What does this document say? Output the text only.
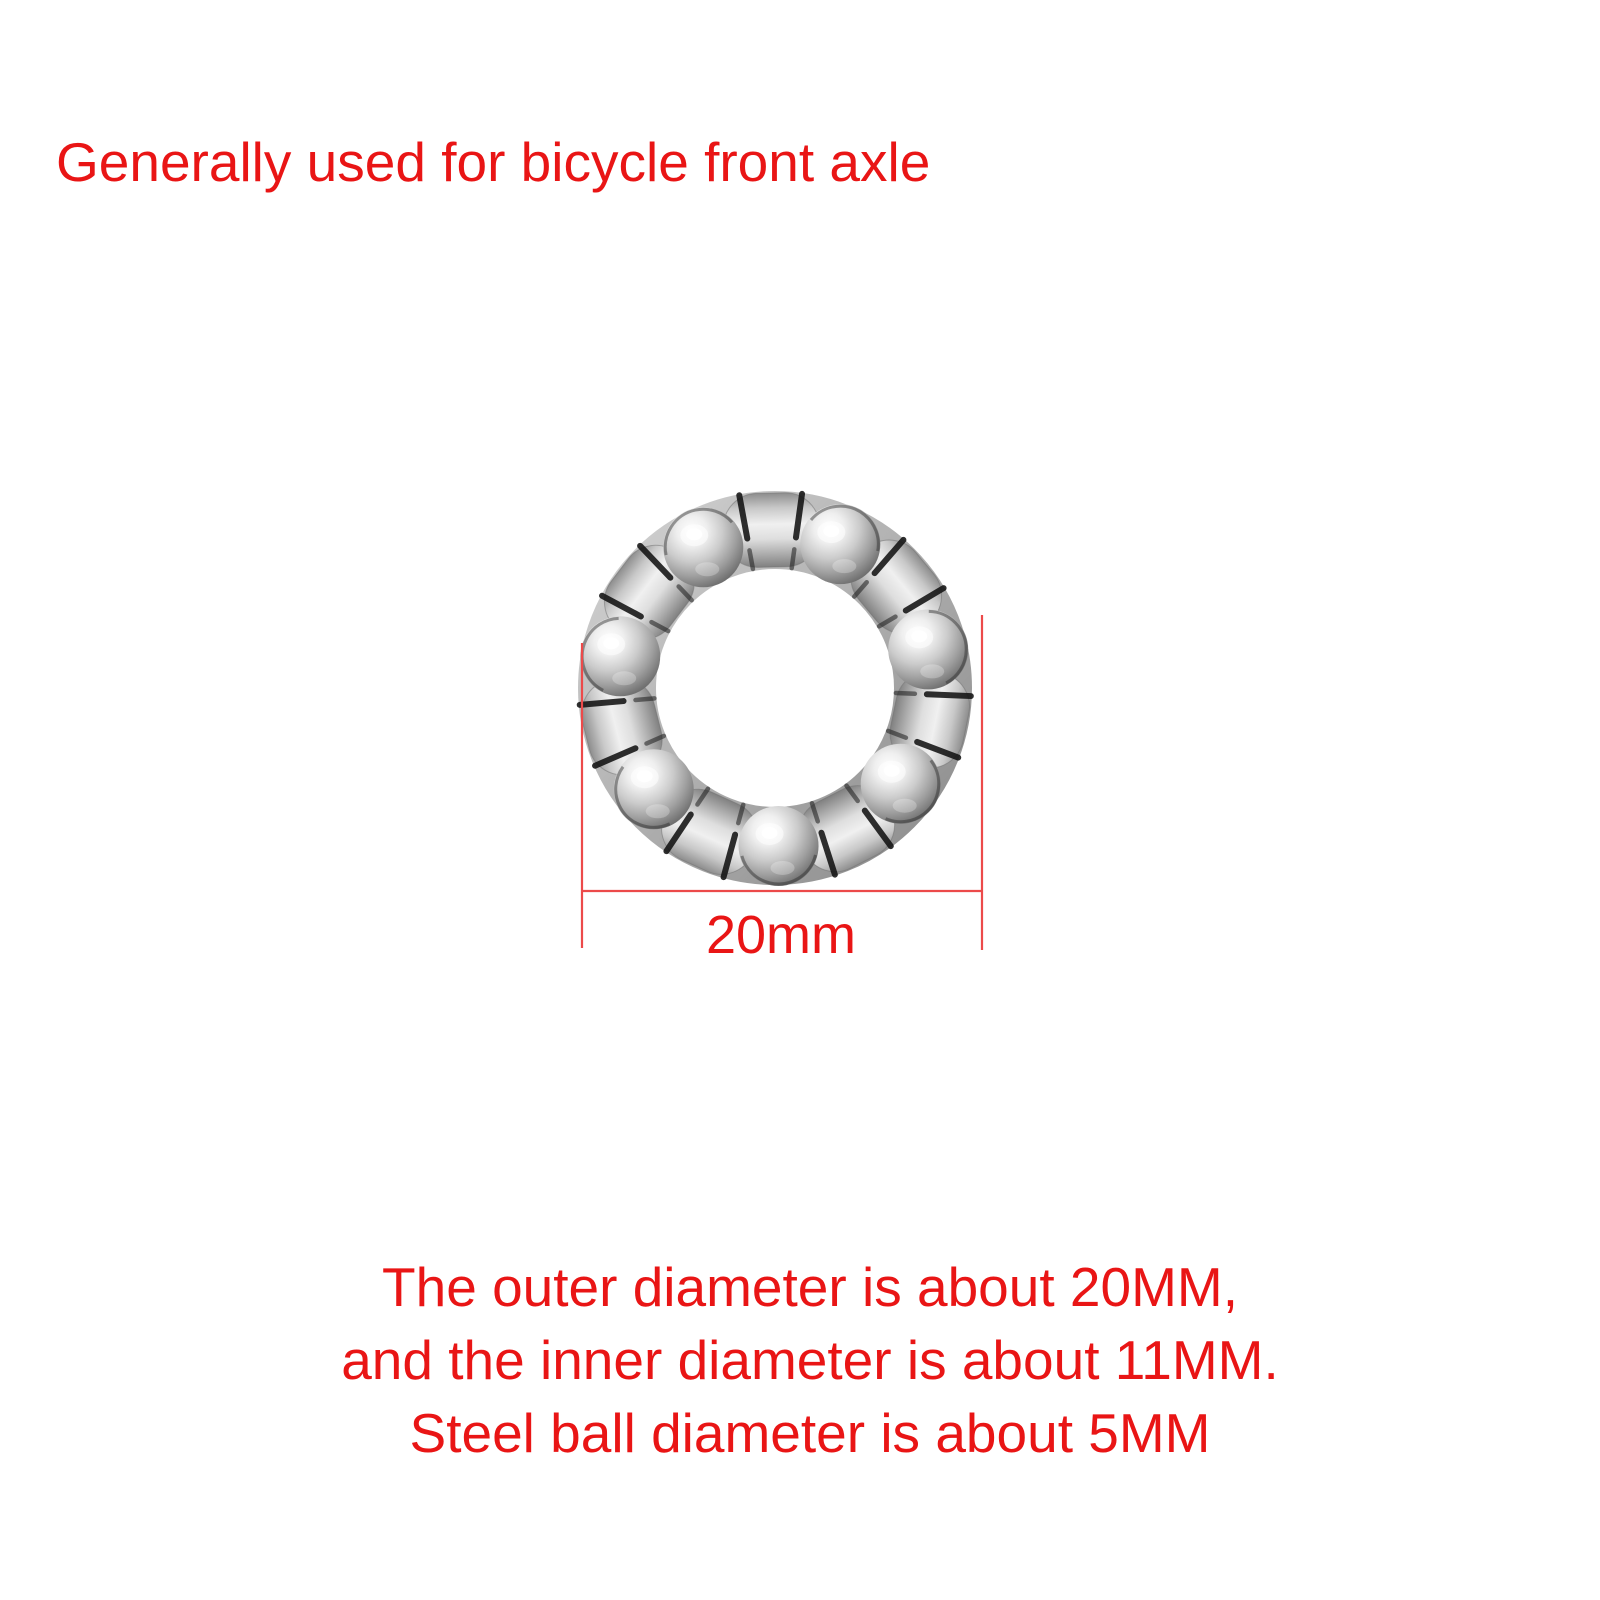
Generally used for bicycle front axle
20mm
The outer diameter is about 20MM,
and the inner diameter is about 11MM.
Steel ball diameter is about 5MM
